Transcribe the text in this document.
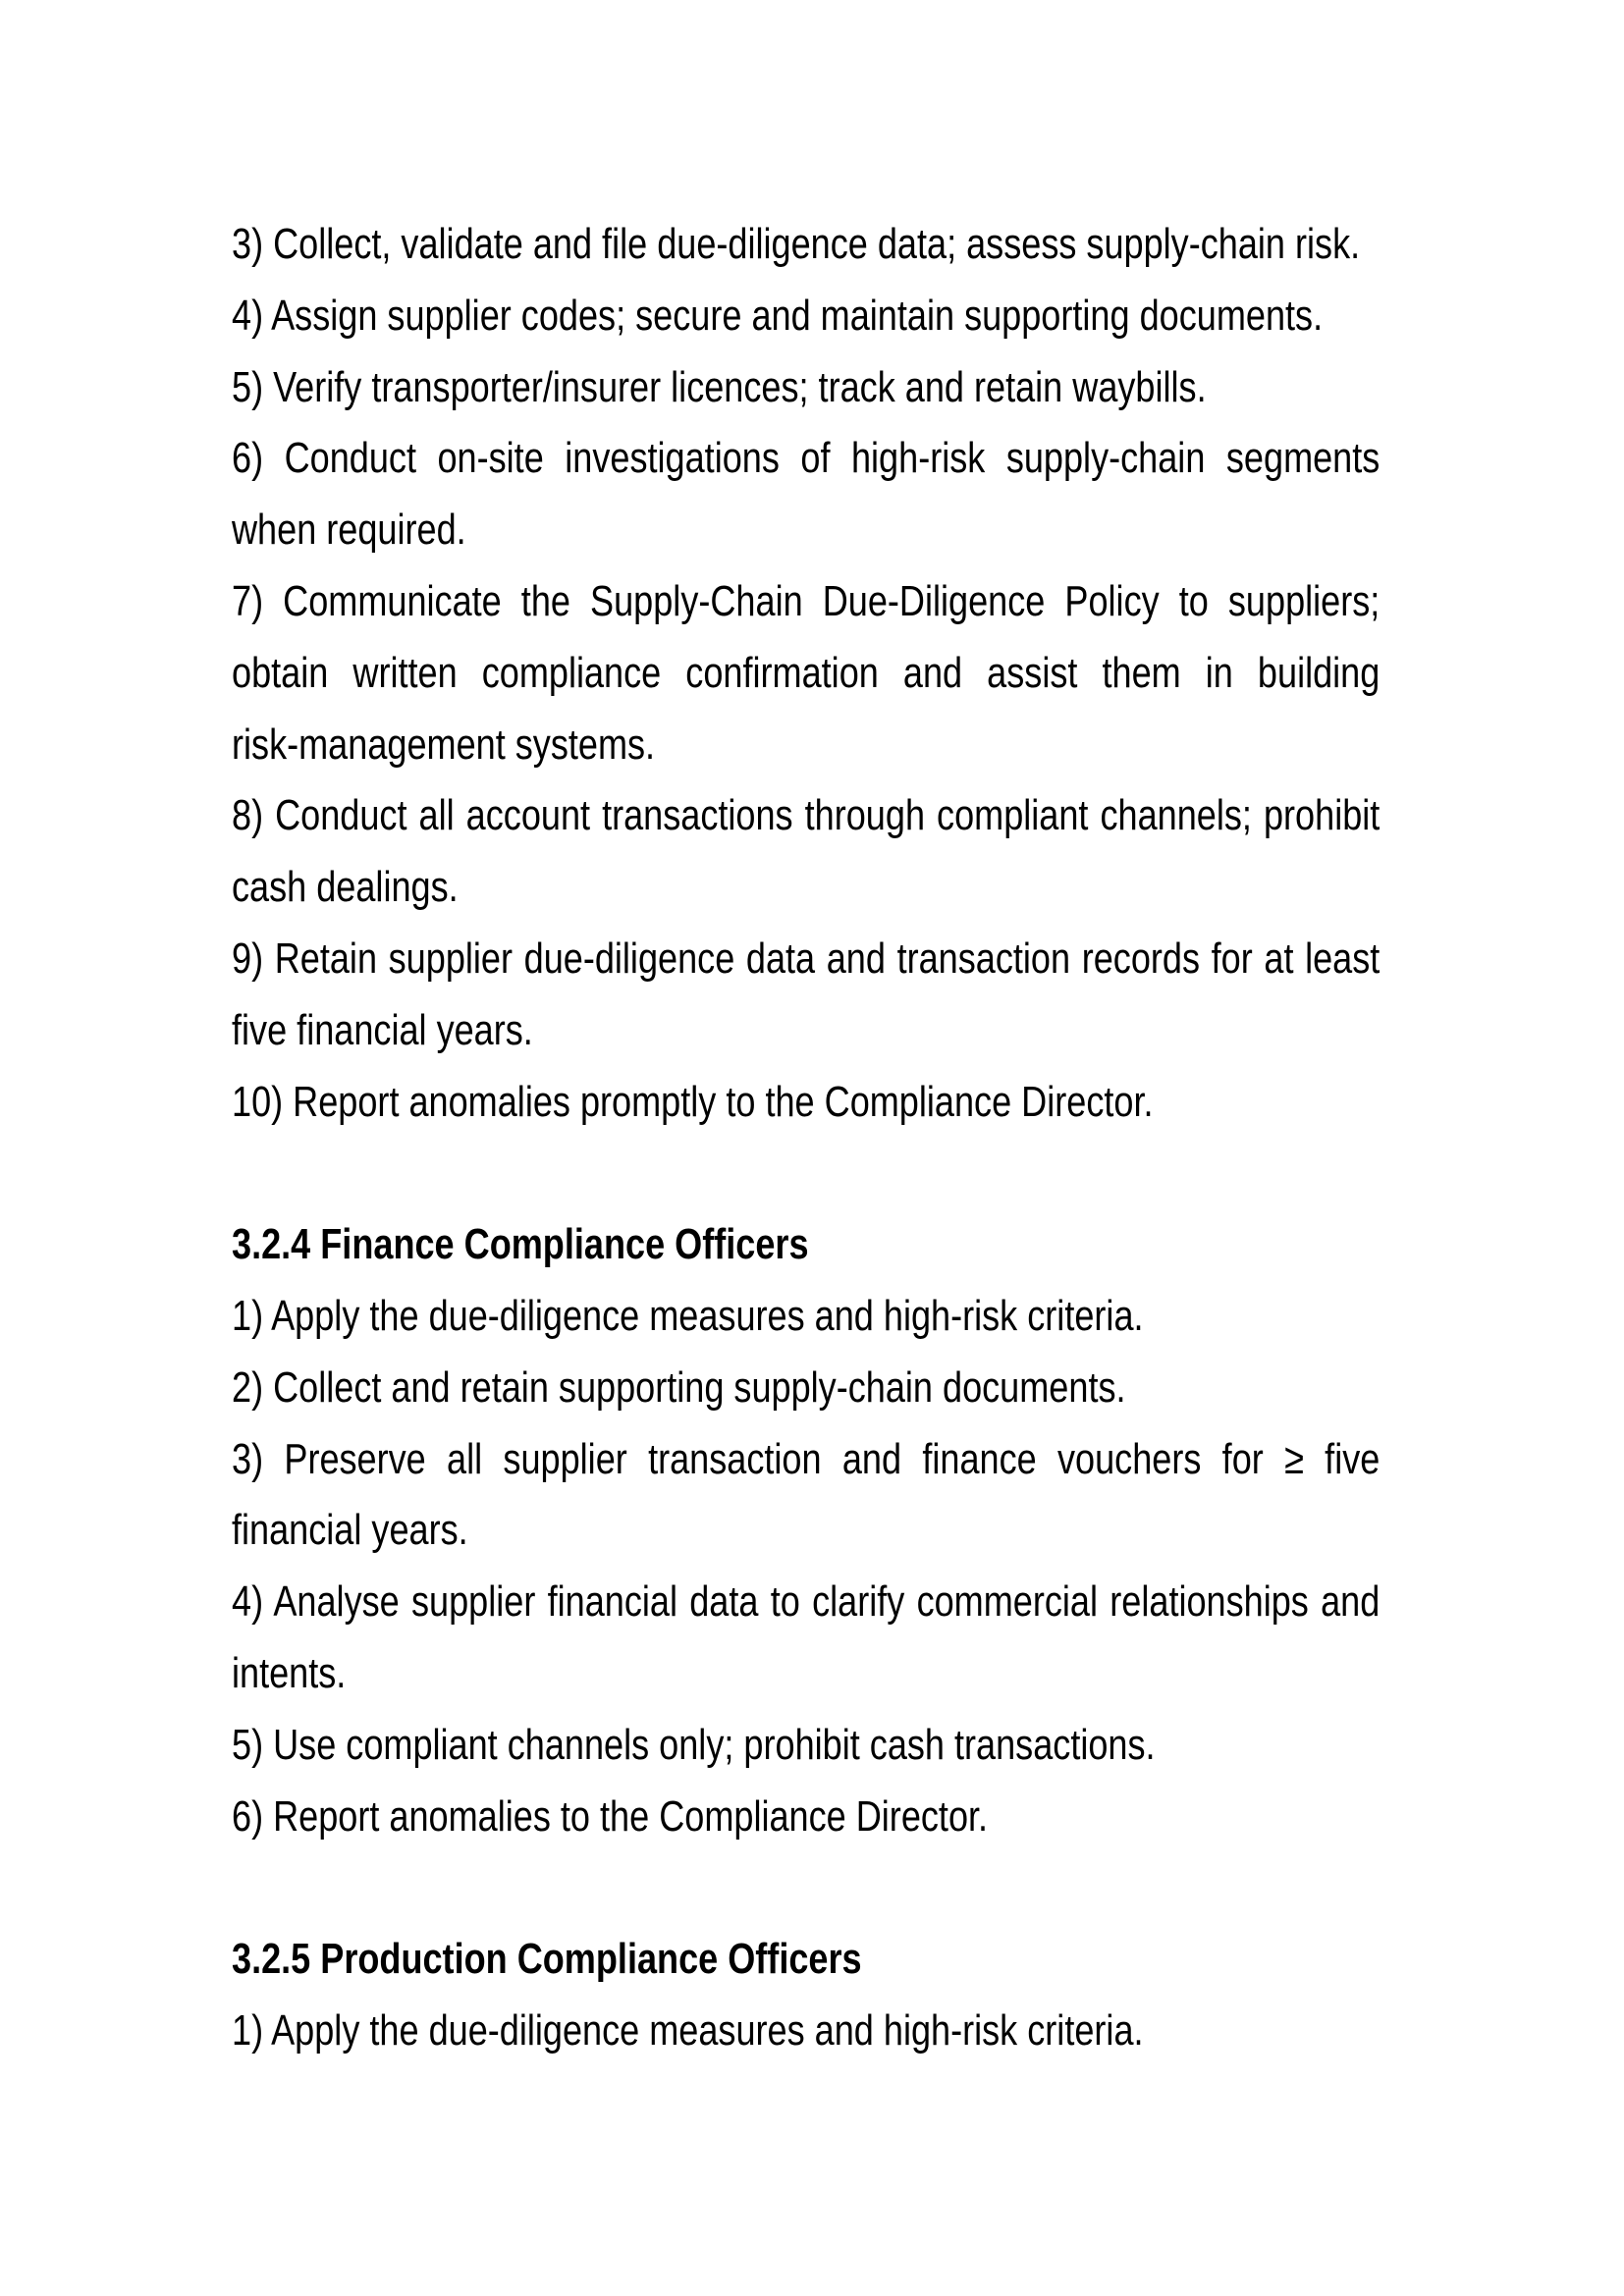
3) Collect, validate and file due-diligence data; assess supply-chain risk.
4) Assign supplier codes; secure and maintain supporting documents.
5) Verify transporter/insurer licences; track and retain waybills.
6) Conduct on-site investigations of high-risk supply-chain segments
when required.
7) Communicate the Supply-Chain Due-Diligence Policy to suppliers;
obtain written compliance confirmation and assist them in building
risk-management systems.
8) Conduct all account transactions through compliant channels; prohibit
cash dealings.
9) Retain supplier due-diligence data and transaction records for at least
five financial years.
10) Report anomalies promptly to the Compliance Director.
3.2.4 Finance Compliance Officers
1) Apply the due-diligence measures and high-risk criteria.
2) Collect and retain supporting supply-chain documents.
3) Preserve all supplier transaction and finance vouchers for ≥ five
financial years.
4) Analyse supplier financial data to clarify commercial relationships and
intents.
5) Use compliant channels only; prohibit cash transactions.
6) Report anomalies to the Compliance Director.
3.2.5 Production Compliance Officers
1) Apply the due-diligence measures and high-risk criteria.
